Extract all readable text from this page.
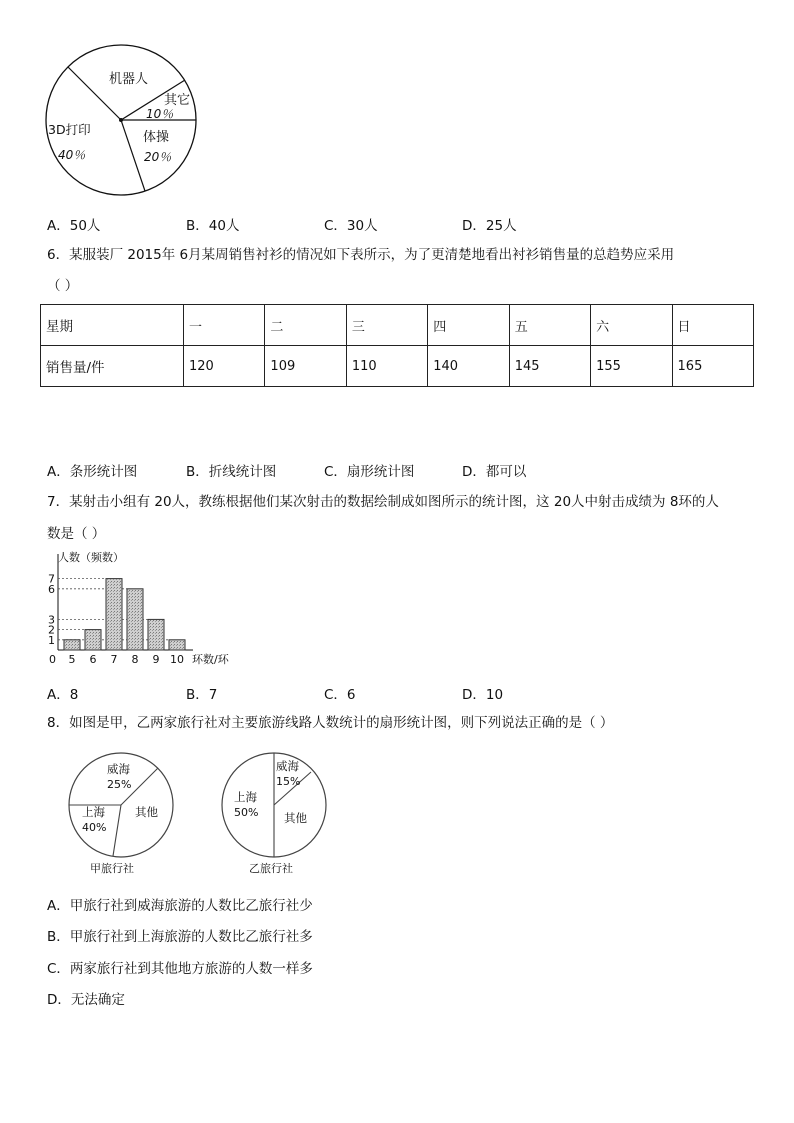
机器人
其它
10％
体操
20％
3D打印
40％
A．50人	B．40人	C．30人	D．25人
6．某服装厂 2015年 6月某周销售衬衫的情况如下表所示，为了更清楚地看出衬衫销售量的总趋势应采用
（ ）
星期	一	二	三	四	五	六	日
销售量/件	120	109	110	140	145	155	165
A．条形统计图	B．折线统计图	C．扇形统计图	D．都可以
7．某射击小组有 20人，教练根据他们某次射击的数据绘制成如图所示的统计图，这 20人中射击成绩为 8环的人
数是（ ）
人数（频数）
环数/环
0
1
2
3
6
7
5 6 7 8 9 10
A．8	B．7	C．6	D．10
8．如图是甲，乙两家旅行社对主要旅游线路人数统计的扇形统计图，则下列说法正确的是（ ）
威海
25%
上海
40%
其他
甲旅行社
威海
15%
上海
50% 其他
乙旅行社
A．甲旅行社到威海旅游的人数比乙旅行社少
B．甲旅行社到上海旅游的人数比乙旅行社多
C．两家旅行社到其他地方旅游的人数一样多
D．无法确定
